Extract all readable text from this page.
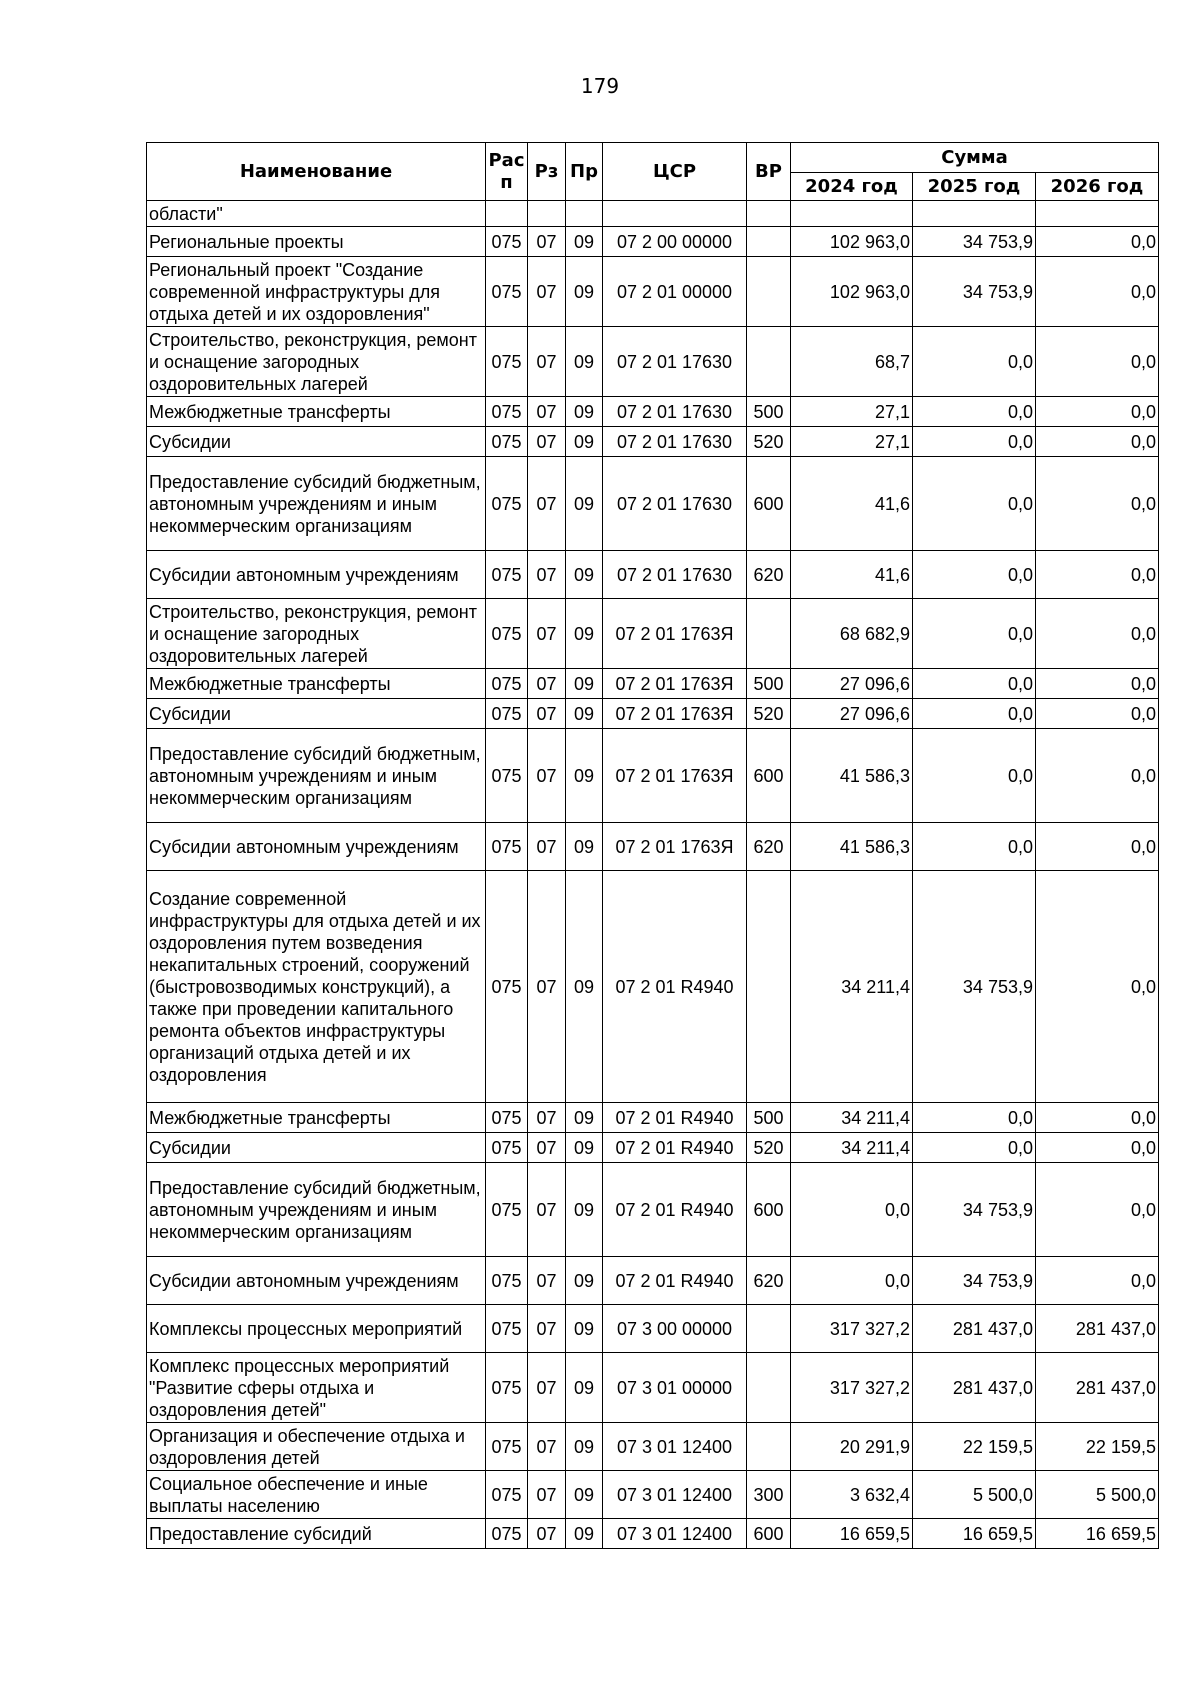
179
Наименование	Рас п	Рз	Пр	ЦСР	ВР	Сумма		
						2024 год	2025 год	2026 год
области"								
Региональные проекты	075	07	09	07 2 00 00000		102 963,0	34 753,9	0,0
Региональный проект "Создание современной инфраструктуры для отдыха детей и их оздоровления"	075	07	09	07 2 01 00000		102 963,0	34 753,9	0,0
Строительство, реконструкция, ремонт и оснащение загородных оздоровительных лагерей	075	07	09	07 2 01 17630		68,7	0,0	0,0
Межбюджетные трансферты	075	07	09	07 2 01 17630	500	27,1	0,0	0,0
Субсидии	075	07	09	07 2 01 17630	520	27,1	0,0	0,0
Предоставление субсидий бюджетным, автономным учреждениям и иным некоммерческим организациям	075	07	09	07 2 01 17630	600	41,6	0,0	0,0
Субсидии автономным учреждениям	075	07	09	07 2 01 17630	620	41,6	0,0	0,0
Строительство, реконструкция, ремонт и оснащение загородных оздоровительных лагерей	075	07	09	07 2 01 1763Я		68 682,9	0,0	0,0
Межбюджетные трансферты	075	07	09	07 2 01 1763Я	500	27 096,6	0,0	0,0
Субсидии	075	07	09	07 2 01 1763Я	520	27 096,6	0,0	0,0
Предоставление субсидий бюджетным, автономным учреждениям и иным некоммерческим организациям	075	07	09	07 2 01 1763Я	600	41 586,3	0,0	0,0
Субсидии автономным учреждениям	075	07	09	07 2 01 1763Я	620	41 586,3	0,0	0,0
Создание современной инфраструктуры для отдыха детей и их оздоровления путем возведения некапитальных строений, сооружений (быстровозводимых конструкций), а также при проведении капитального ремонта объектов инфраструктуры организаций отдыха детей и их оздоровления	075	07	09	07 2 01 R4940		34 211,4	34 753,9	0,0
Межбюджетные трансферты	075	07	09	07 2 01 R4940	500	34 211,4	0,0	0,0
Субсидии	075	07	09	07 2 01 R4940	520	34 211,4	0,0	0,0
Предоставление субсидий бюджетным, автономным учреждениям и иным некоммерческим организациям	075	07	09	07 2 01 R4940	600	0,0	34 753,9	0,0
Субсидии автономным учреждениям	075	07	09	07 2 01 R4940	620	0,0	34 753,9	0,0
Комплексы процессных мероприятий	075	07	09	07 3 00 00000		317 327,2	281 437,0	281 437,0
Комплекс процессных мероприятий "Развитие сферы отдыха и оздоровления детей"	075	07	09	07 3 01 00000		317 327,2	281 437,0	281 437,0
Организация и обеспечение отдыха и оздоровления детей	075	07	09	07 3 01 12400		20 291,9	22 159,5	22 159,5
Социальное обеспечение и иные выплаты населению	075	07	09	07 3 01 12400	300	3 632,4	5 500,0	5 500,0
Предоставление субсидий	075	07	09	07 3 01 12400	600	16 659,5	16 659,5	16 659,5
